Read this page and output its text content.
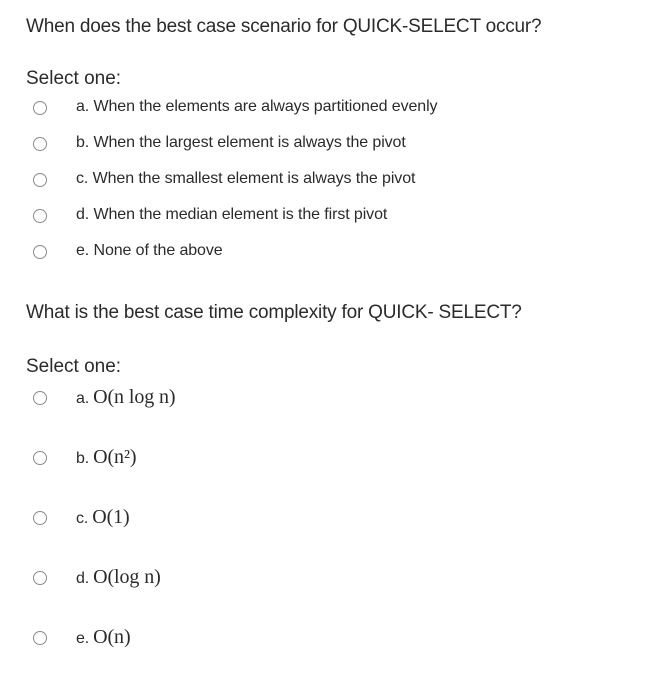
When does the best case scenario for QUICK-SELECT occur?
Select one:
a. When the elements are always partitioned evenly
b. When the largest element is always the pivot
c. When the smallest element is always the pivot
d. When the median element is the first pivot
e. None of the above
What is the best case time complexity for QUICK- SELECT?
Select one:
a. O(n log n)
b. O(n²)
c. O(1)
d. O(log n)
e. O(n)
